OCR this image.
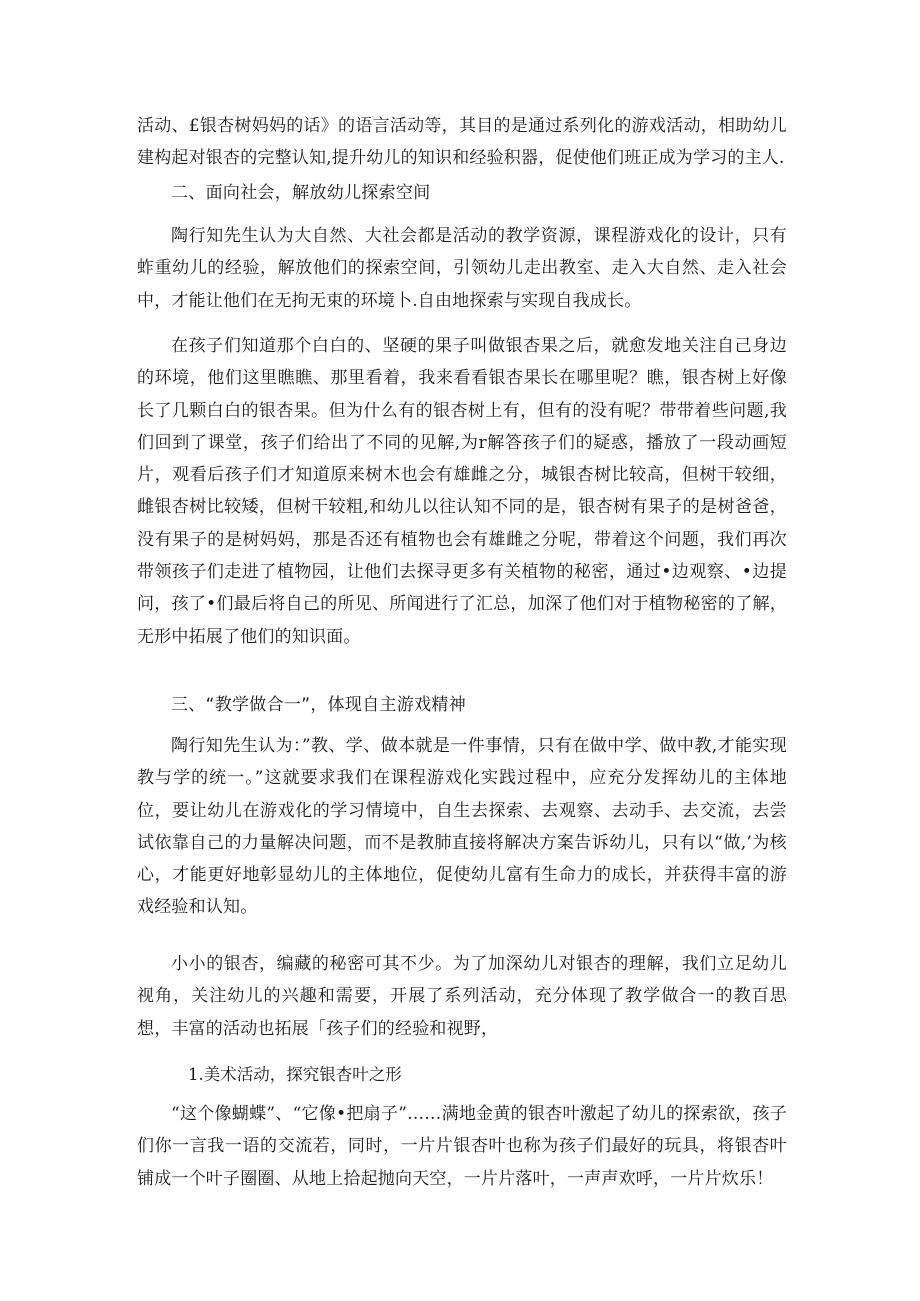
活动、£银杏树妈妈的话》的语言活动等，其目的是通过系列化的游戏活动，相助幼儿建构起对银杏的完整认知,提升幼儿的知识和经验积器，促使他们班正成为学习的主人.

二、面向社会，解放幼儿探索空间

陶行知先生认为大自然、大社会都是活动的教学资源，课程游戏化的设计，只有蚱重幼儿的经验，解放他们的探索空间，引领幼儿走出教室、走入大自然、走入社会中，才能让他们在无拘无束的环境卜.自由地探索与实现自我成长。

在孩子们知道那个白白的、坚硬的果子叫做银杏果之后，就愈发地关注自己身边的环境，他们这里瞧瞧、那里看着，我来看看银杏果长在哪里呢？瞧，银杏树上好像长了几颗白白的银杏果。但为什么有的银杏树上有，但有的没有呢？带带着些问题,我们回到了课堂，孩子们给出了不同的见解,为r解答孩子们的疑惑，播放了一段动画短片，观看后孩子们才知道原来树木也会有雄雌之分，城银杏树比较高，但树干较细，雌银杏树比较矮，但树干较粗,和幼儿以往认知不同的是，银杏树有果子的是树爸爸，没有果子的是树妈妈，那是否还有植物也会有雄雌之分呢，带着这个问题，我们再次带领孩子们走进了植物园，让他们去探寻更多有关植物的秘密，通过•边观察、•边提问，孩了•们最后将自己的所见、所闻进行了汇总，加深了他们对于植物秘密的了解，无形中拓展了他们的知识面。

三、“教学做合一”，体现自主游戏精神

陶行知先生认为：”教、学、做本就是一件事情，只有在做中学、做中教,才能实现教与学的统一。”这就要求我们在课程游戏化实践过程中，应充分发挥幼儿的主体地位，要让幼儿在游戏化的学习情境中，自生去探索、去观察、去动手、去交流，去尝试依靠自己的力量解决问题，而不是教肺直接将解决方案告诉幼儿，只有以“做,’为核心，才能更好地彰显幼儿的主体地位，促使幼儿富有生命力的成长，并获得丰富的游戏经验和认知。

小小的银杏，编藏的秘密可其不少。为了加深幼儿对银杏的理解，我们立足幼儿视角，关注幼儿的兴趣和需要，开展了系列活动，充分体现了教学做合一的教百思想，丰富的活动也拓展「孩子们的经验和视野，

1.美术活动，探究银杏叶之形

“这个像蝴蝶”、“它像•把扇子”……满地金黄的银杏叶激起了幼儿的探索欲，孩子们你一言我一语的交流若，同时，一片片银杏叶也称为孩子们最好的玩具，将银杏叶铺成一个叶子圈圈、从地上拾起抛向天空，一片片落叶，一声声欢呼，一片片炊乐！
